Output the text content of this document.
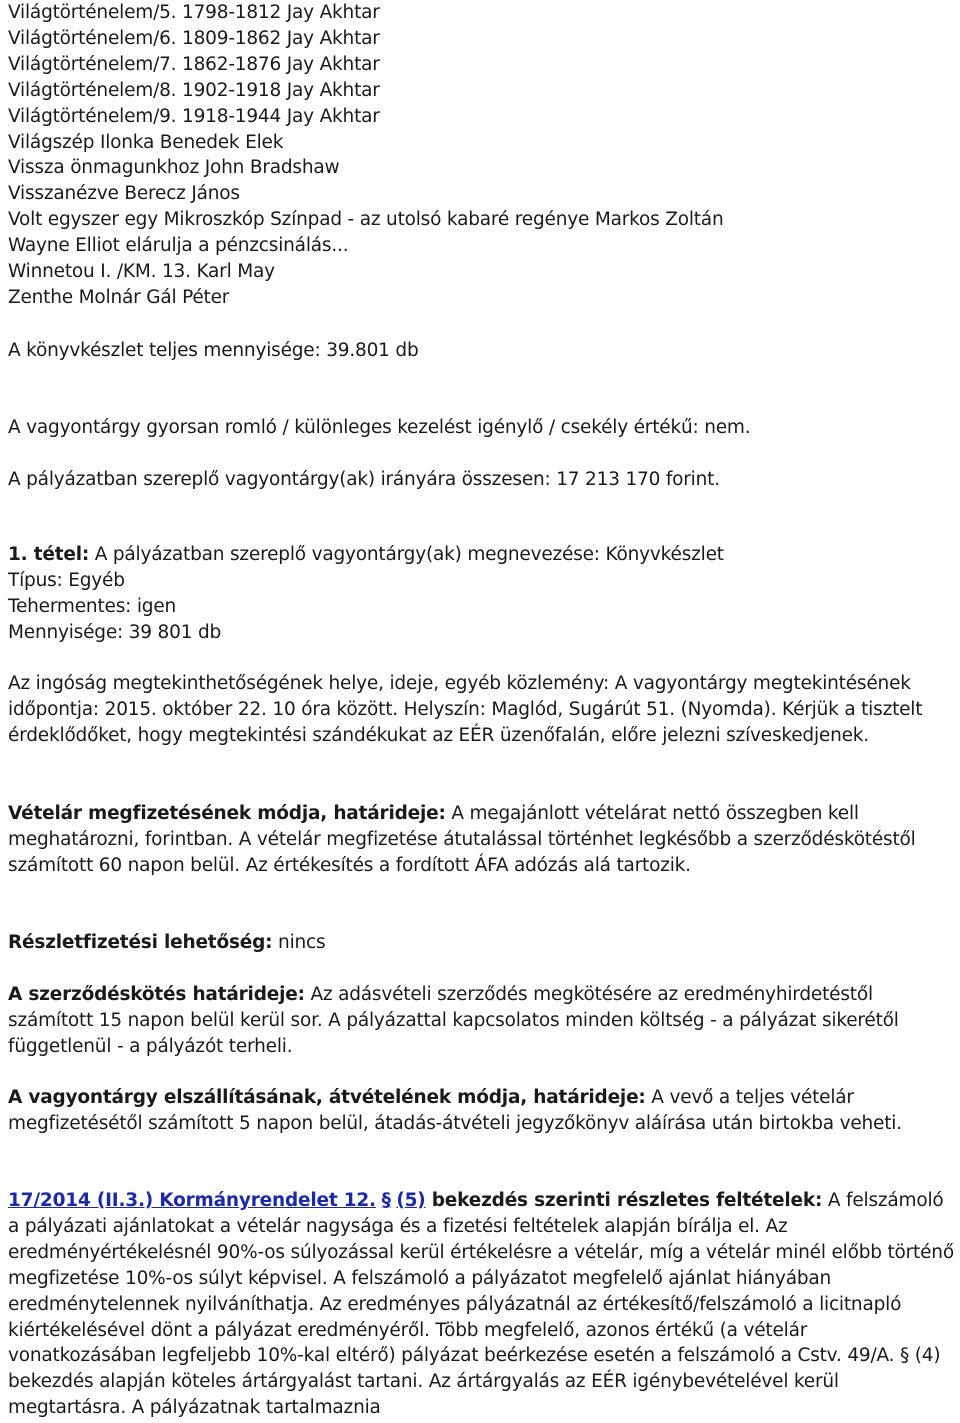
Világtörténelem/5. 1798-1812 Jay Akhtar
Világtörténelem/6. 1809-1862 Jay Akhtar
Világtörténelem/7. 1862-1876 Jay Akhtar
Világtörténelem/8. 1902-1918 Jay Akhtar
Világtörténelem/9. 1918-1944 Jay Akhtar
Világszép Ilonka Benedek Elek
Vissza önmagunkhoz John Bradshaw
Visszanézve Berecz János
Volt egyszer egy Mikroszkóp Színpad - az utolsó kabaré regénye Markos Zoltán
Wayne Elliot elárulja a pénzcsinálás...
Winnetou I. /KM. 13. Karl May
Zenthe Molnár Gál Péter

A könyvkészlet teljes mennyisége: 39.801 db

A vagyontárgy gyorsan romló / különleges kezelést igénylő / csekély értékű: nem.

A pályázatban szereplő vagyontárgy(ak) irányára összesen: 17 213 170 forint.

1. tétel: A pályázatban szereplő vagyontárgy(ak) megnevezése: Könyvkészlet
Típus: Egyéb
Tehermentes: igen
Mennyisége: 39 801 db

Az ingóság megtekinthetőségének helye, ideje, egyéb közlemény: A vagyontárgy megtekintésének időpontja: 2015. október 22. 10 óra között. Helyszín: Maglód, Sugárút 51. (Nyomda). Kérjük a tisztelt érdeklődőket, hogy megtekintési szándékukat az EÉR üzenőfalán, előre jelezni szíveskedjenek.

Vételár megfizetésének módja, határideje: A megajánlott vételárat nettó összegben kell meghatározni, forintban. A vételár megfizetése átutalással történhet legkésőbb a szerződéskötéstől számított 60 napon belül. Az értékesítés a fordított ÁFA adózás alá tartozik.

Részletfizetési lehetőség: nincs

A szerződéskötés határideje: Az adásvételi szerződés megkötésére az eredményhirdetéstől számított 15 napon belül kerül sor. A pályázattal kapcsolatos minden költség - a pályázat sikerétől függetlenül - a pályázót terheli.

A vagyontárgy elszállításának, átvételének módja, határideje: A vevő a teljes vételár megfizetésétől számított 5 napon belül, átadás-átvételi jegyzőkönyv aláírása után birtokba veheti.

17/2014 (II.3.) Kormányrendelet 12. § (5) bekezdés szerinti részletes feltételek: A felszámoló a pályázati ajánlatokat a vételár nagysága és a fizetési feltételek alapján bírálja el. Az eredményértékelésnél 90%-os súlyozással kerül értékelésre a vételár, míg a vételár minél előbb történő megfizetése 10%-os súlyt képvisel. A felszámoló a pályázatot megfelelő ajánlat hiányában eredménytelennek nyilváníthatja. Az eredményes pályázatnál az értékesítő/felszámoló a licitnapló kiértékelésével dönt a pályázat eredményéről. Több megfelelő, azonos értékű (a vételár vonatkozásában legfeljebb 10%-kal eltérő) pályázat beérkezése esetén a felszámoló a Cstv. 49/A. § (4) bekezdés alapján köteles ártárgyalást tartani. Az ártárgyalás az EÉR igénybevételével kerül megtartásra. A pályázatnak tartalmaznia
